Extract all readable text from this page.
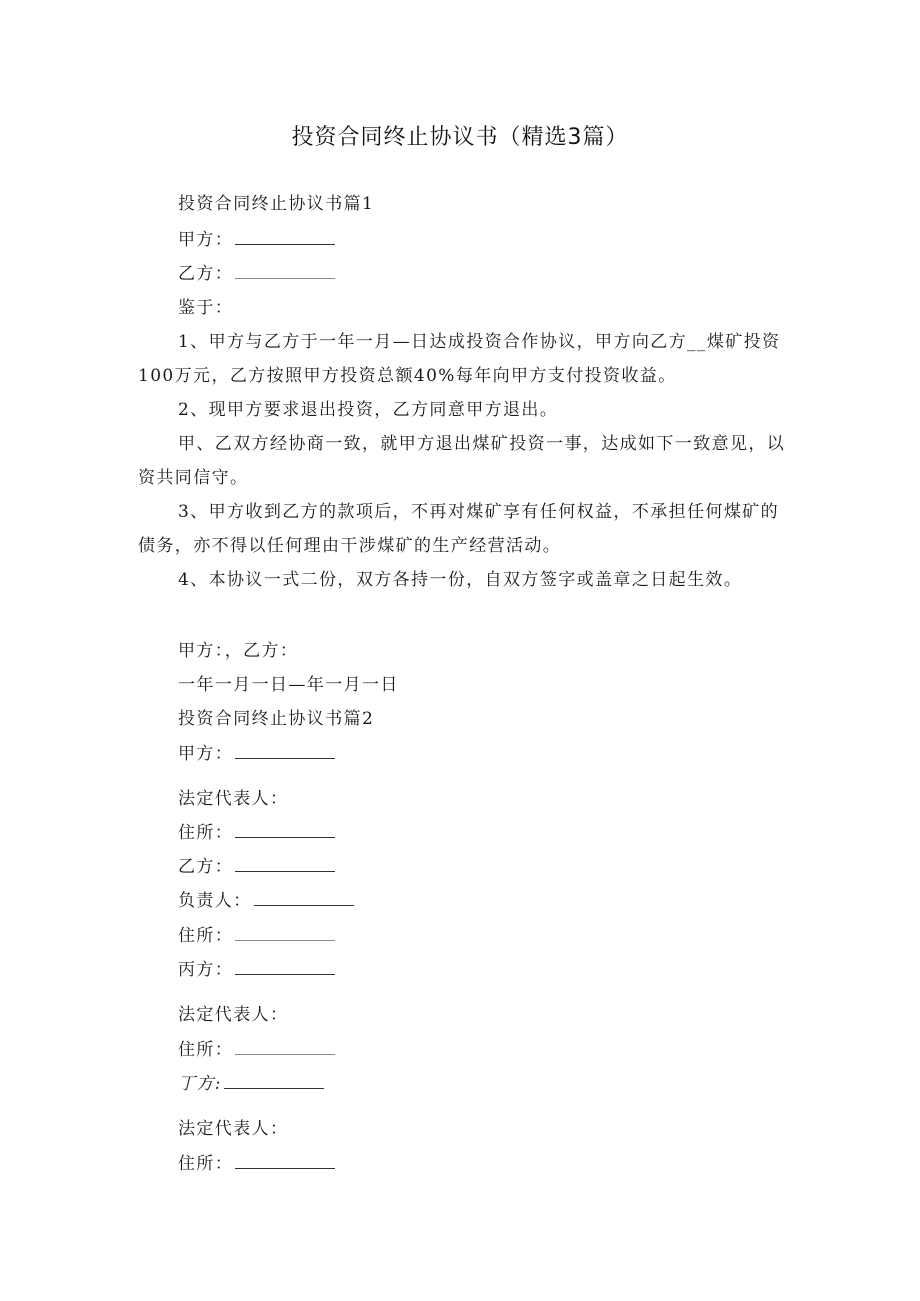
投资合同终止协议书（精选3篇）
投资合同终止协议书篇1
甲方：
乙方：
鉴于：
1、甲方与乙方于一年一月—日达成投资合作协议，甲方向乙方__煤矿投资100万元，乙方按照甲方投资总额40%每年向甲方支付投资收益。
2、现甲方要求退出投资，乙方同意甲方退出。
甲、乙双方经协商一致，就甲方退出煤矿投资一事，达成如下一致意见，以资共同信守。
3、甲方收到乙方的款项后，不再对煤矿享有任何权益，不承担任何煤矿的债务，亦不得以任何理由干涉煤矿的生产经营活动。
4、本协议一式二份，双方各持一份，自双方签字或盖章之日起生效。
甲方：，乙方：
一年一月一日—年一月一日
投资合同终止协议书篇2
甲方：
法定代表人：
住所：
乙方：
负责人：
住所：
丙方：
法定代表人：
住所：
丁方:
法定代表人：
住所：
